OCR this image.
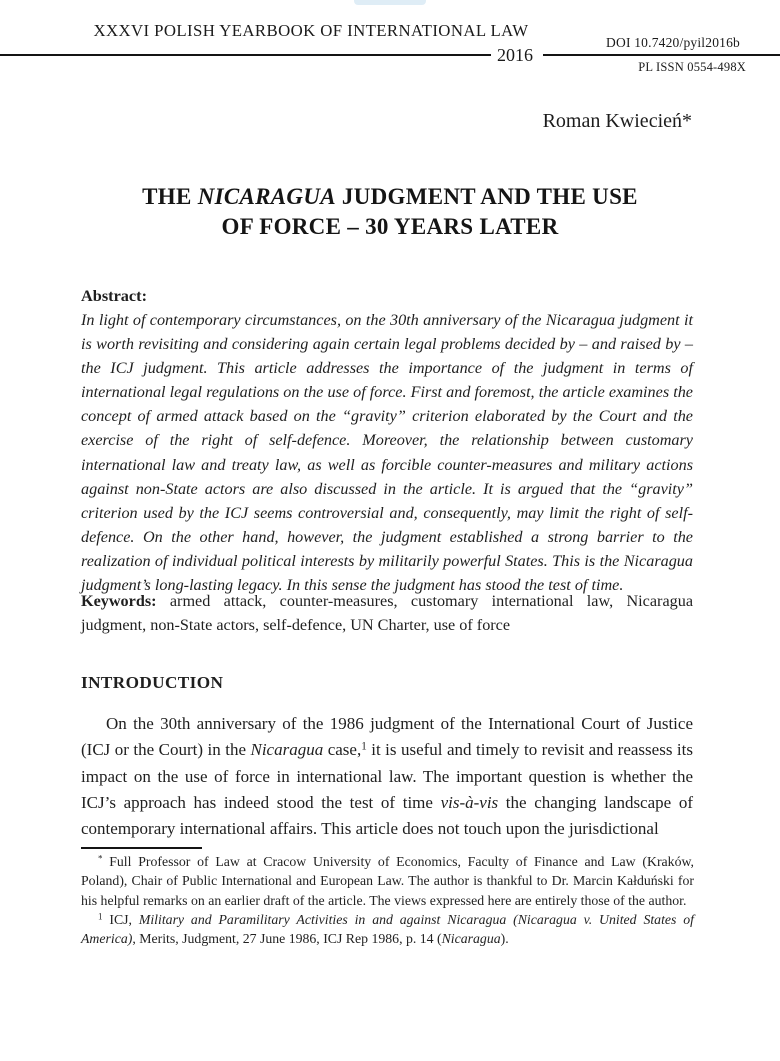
XXXVI POLISH YEARBOOK OF INTERNATIONAL LAW
2016
DOI 10.7420/pyil2016b
PL ISSN 0554-498X
Roman Kwiecień*
THE NICARAGUA JUDGMENT AND THE USE
OF FORCE – 30 YEARS LATER
Abstract:
In light of contemporary circumstances, on the 30th anniversary of the Nicaragua judgment it is worth revisiting and considering again certain legal problems decided by – and raised by – the ICJ judgment. This article addresses the importance of the judgment in terms of international legal regulations on the use of force. First and foremost, the article examines the concept of armed attack based on the “gravity” criterion elaborated by the Court and the exercise of the right of self-defence. Moreover, the relationship between customary international law and treaty law, as well as forcible counter-measures and military actions against non-State actors are also discussed in the article. It is argued that the “gravity” criterion used by the ICJ seems controversial and, consequently, may limit the right of self-defence. On the other hand, however, the judgment established a strong barrier to the realization of individual political interests by militarily powerful States. This is the Nicaragua judgment’s long-lasting legacy. In this sense the judgment has stood the test of time.
Keywords: armed attack, counter-measures, customary international law, Nicaragua judgment, non-State actors, self-defence, UN Charter, use of force
INTRODUCTION
On the 30th anniversary of the 1986 judgment of the International Court of Justice (ICJ or the Court) in the Nicaragua case,$^1$ it is useful and timely to revisit and reassess its impact on the use of force in international law. The important question is whether the ICJ’s approach has indeed stood the test of time vis-à-vis the changing landscape of contemporary international affairs. This article does not touch upon the jurisdictional
* Full Professor of Law at Cracow University of Economics, Faculty of Finance and Law (Kraków, Poland), Chair of Public International and European Law. The author is thankful to Dr. Marcin Kałduński for his helpful remarks on an earlier draft of the article. The views expressed here are entirely those of the author.
$^1$ ICJ, Military and Paramilitary Activities in and against Nicaragua (Nicaragua v. United States of America), Merits, Judgment, 27 June 1986, ICJ Rep 1986, p. 14 (Nicaragua).
